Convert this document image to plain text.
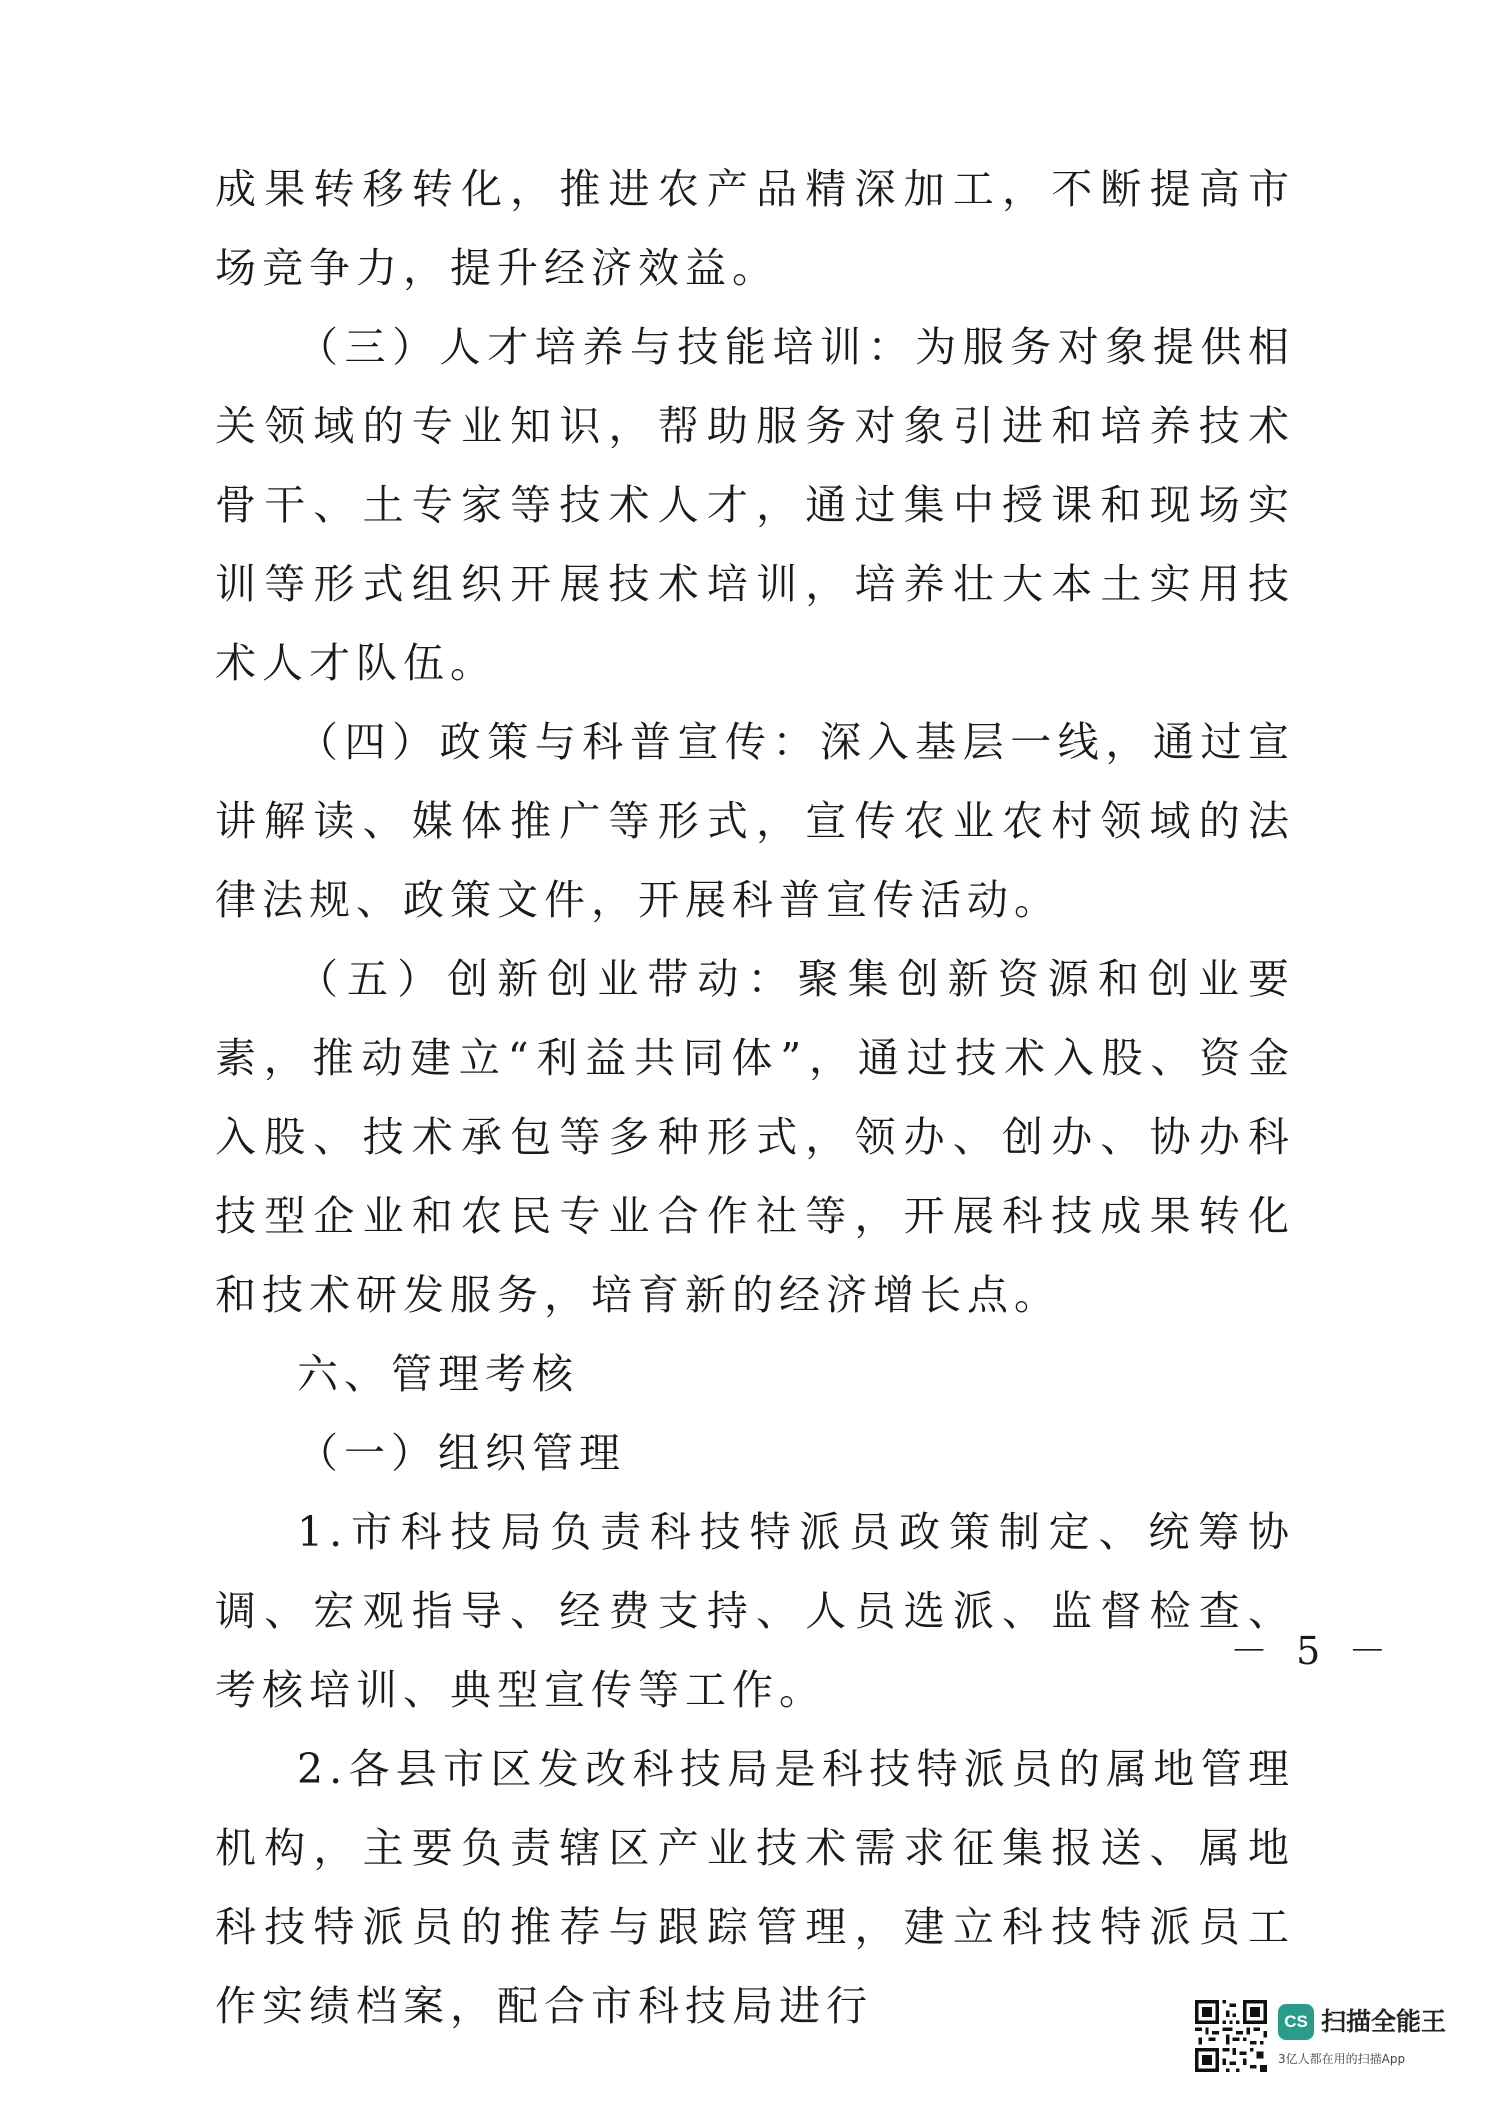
成果转移转化，推进农产品精深加工，不断提高市场竞争力，提升经济效益。

（三）人才培养与技能培训：为服务对象提供相关领域的专业知识，帮助服务对象引进和培养技术骨干、土专家等技术人才，通过集中授课和现场实训等形式组织开展技术培训，培养壮大本土实用技术人才队伍。

（四）政策与科普宣传：深入基层一线，通过宣讲解读、媒体推广等形式，宣传农业农村领域的法律法规、政策文件，开展科普宣传活动。

（五）创新创业带动：聚集创新资源和创业要素，推动建立“利益共同体”，通过技术入股、资金入股、技术承包等多种形式，领办、创办、协办科技型企业和农民专业合作社等，开展科技成果转化和技术研发服务，培育新的经济增长点。

六、管理考核

（一）组织管理

1.市科技局负责科技特派员政策制定、统筹协调、宏观指导、经费支持、人员选派、监督检查、考核培训、典型宣传等工作。

2.各县市区发改科技局是科技特派员的属地管理机构，主要负责辖区产业技术需求征集报送、属地科技特派员的推荐与跟踪管理，建立科技特派员工作实绩档案，配合市科技局进行

－ 5 －
CS 扫描全能王
3亿人都在用的扫描App
